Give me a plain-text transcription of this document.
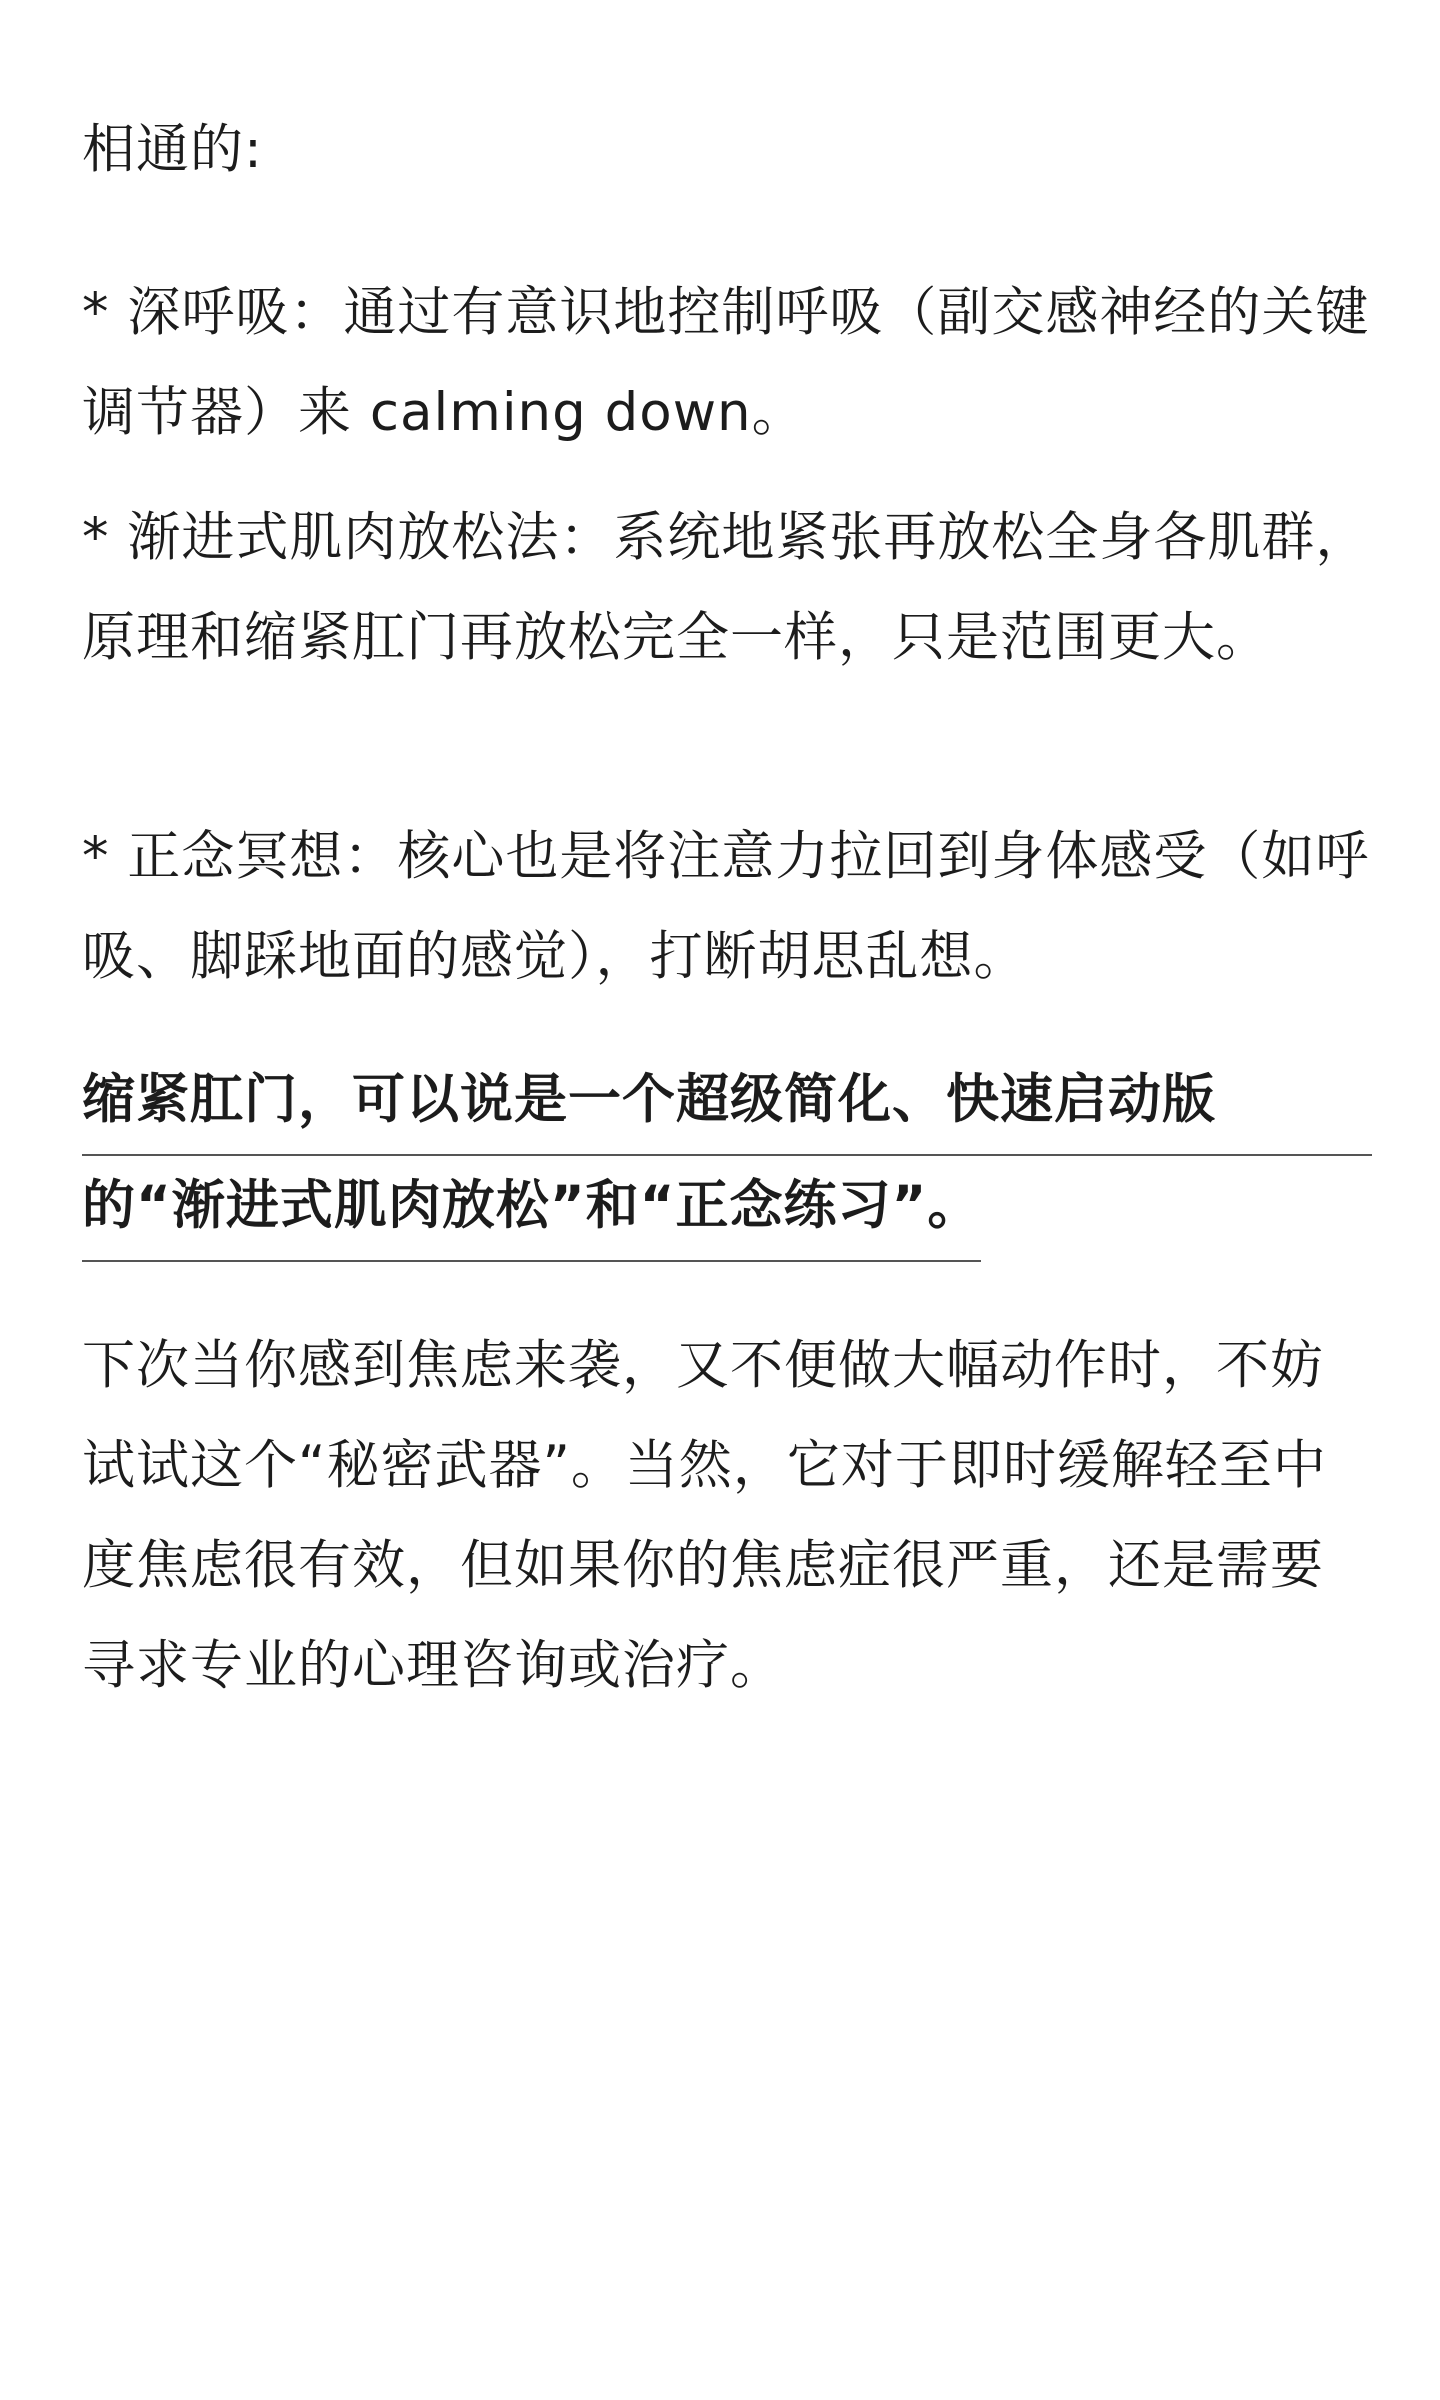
相通的:

* 深呼吸：通过有意识地控制呼吸（副交感神经的关键调节器）来 calming down。

* 渐进式肌肉放松法：系统地紧张再放松全身各肌群，原理和缩紧肛门再放松完全一样，只是范围更大。

* 正念冥想：核心也是将注意力拉回到身体感受（如呼吸、脚踩地面的感觉），打断胡思乱想。

缩紧肛门，可以说是一个超级简化、快速启动版
的“渐进式肌肉放松”和“正念练习”。

下次当你感到焦虑来袭，又不便做大幅动作时，不妨试试这个“秘密武器”。当然，它对于即时缓解轻至中度焦虑很有效，但如果你的焦虑症很严重，还是需要寻求专业的心理咨询或治疗。
